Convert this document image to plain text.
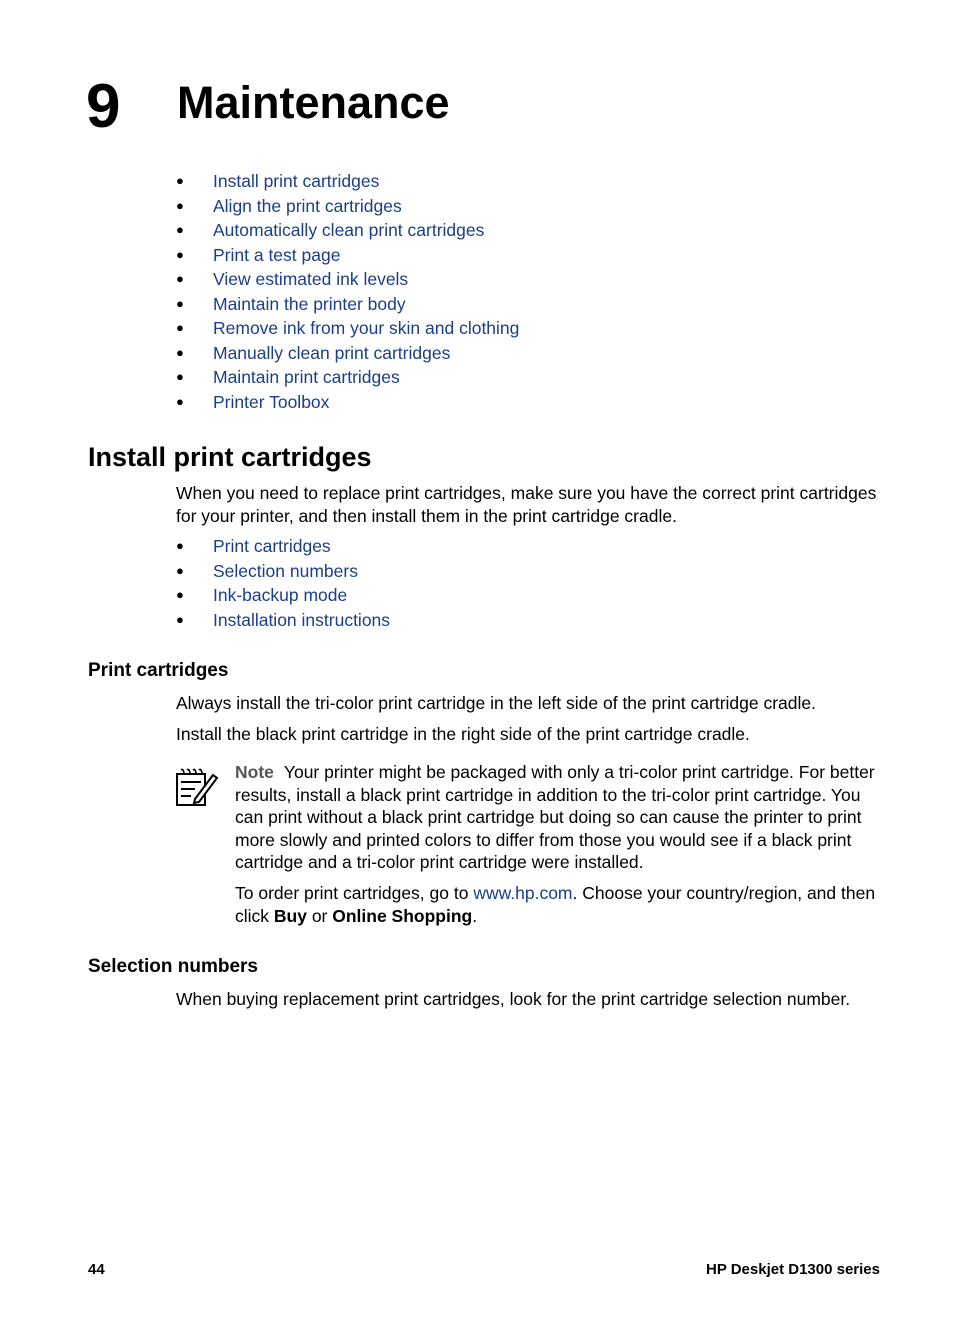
9 Maintenance
● Install print cartridges
● Align the print cartridges
● Automatically clean print cartridges
● Print a test page
● View estimated ink levels
● Maintain the printer body
● Remove ink from your skin and clothing
● Manually clean print cartridges
● Maintain print cartridges
● Printer Toolbox
Install print cartridges
When you need to replace print cartridges, make sure you have the correct print cartridges for your printer, and then install them in the print cartridge cradle.
● Print cartridges
● Selection numbers
● Ink-backup mode
● Installation instructions
Print cartridges
Always install the tri-color print cartridge in the left side of the print cartridge cradle.
Install the black print cartridge in the right side of the print cartridge cradle.
Note Your printer might be packaged with only a tri-color print cartridge. For better results, install a black print cartridge in addition to the tri-color print cartridge. You can print without a black print cartridge but doing so can cause the printer to print more slowly and printed colors to differ from those you would see if a black print cartridge and a tri-color print cartridge were installed.
To order print cartridges, go to www.hp.com. Choose your country/region, and then click Buy or Online Shopping.
Selection numbers
When buying replacement print cartridges, look for the print cartridge selection number.
44	HP Deskjet D1300 series
